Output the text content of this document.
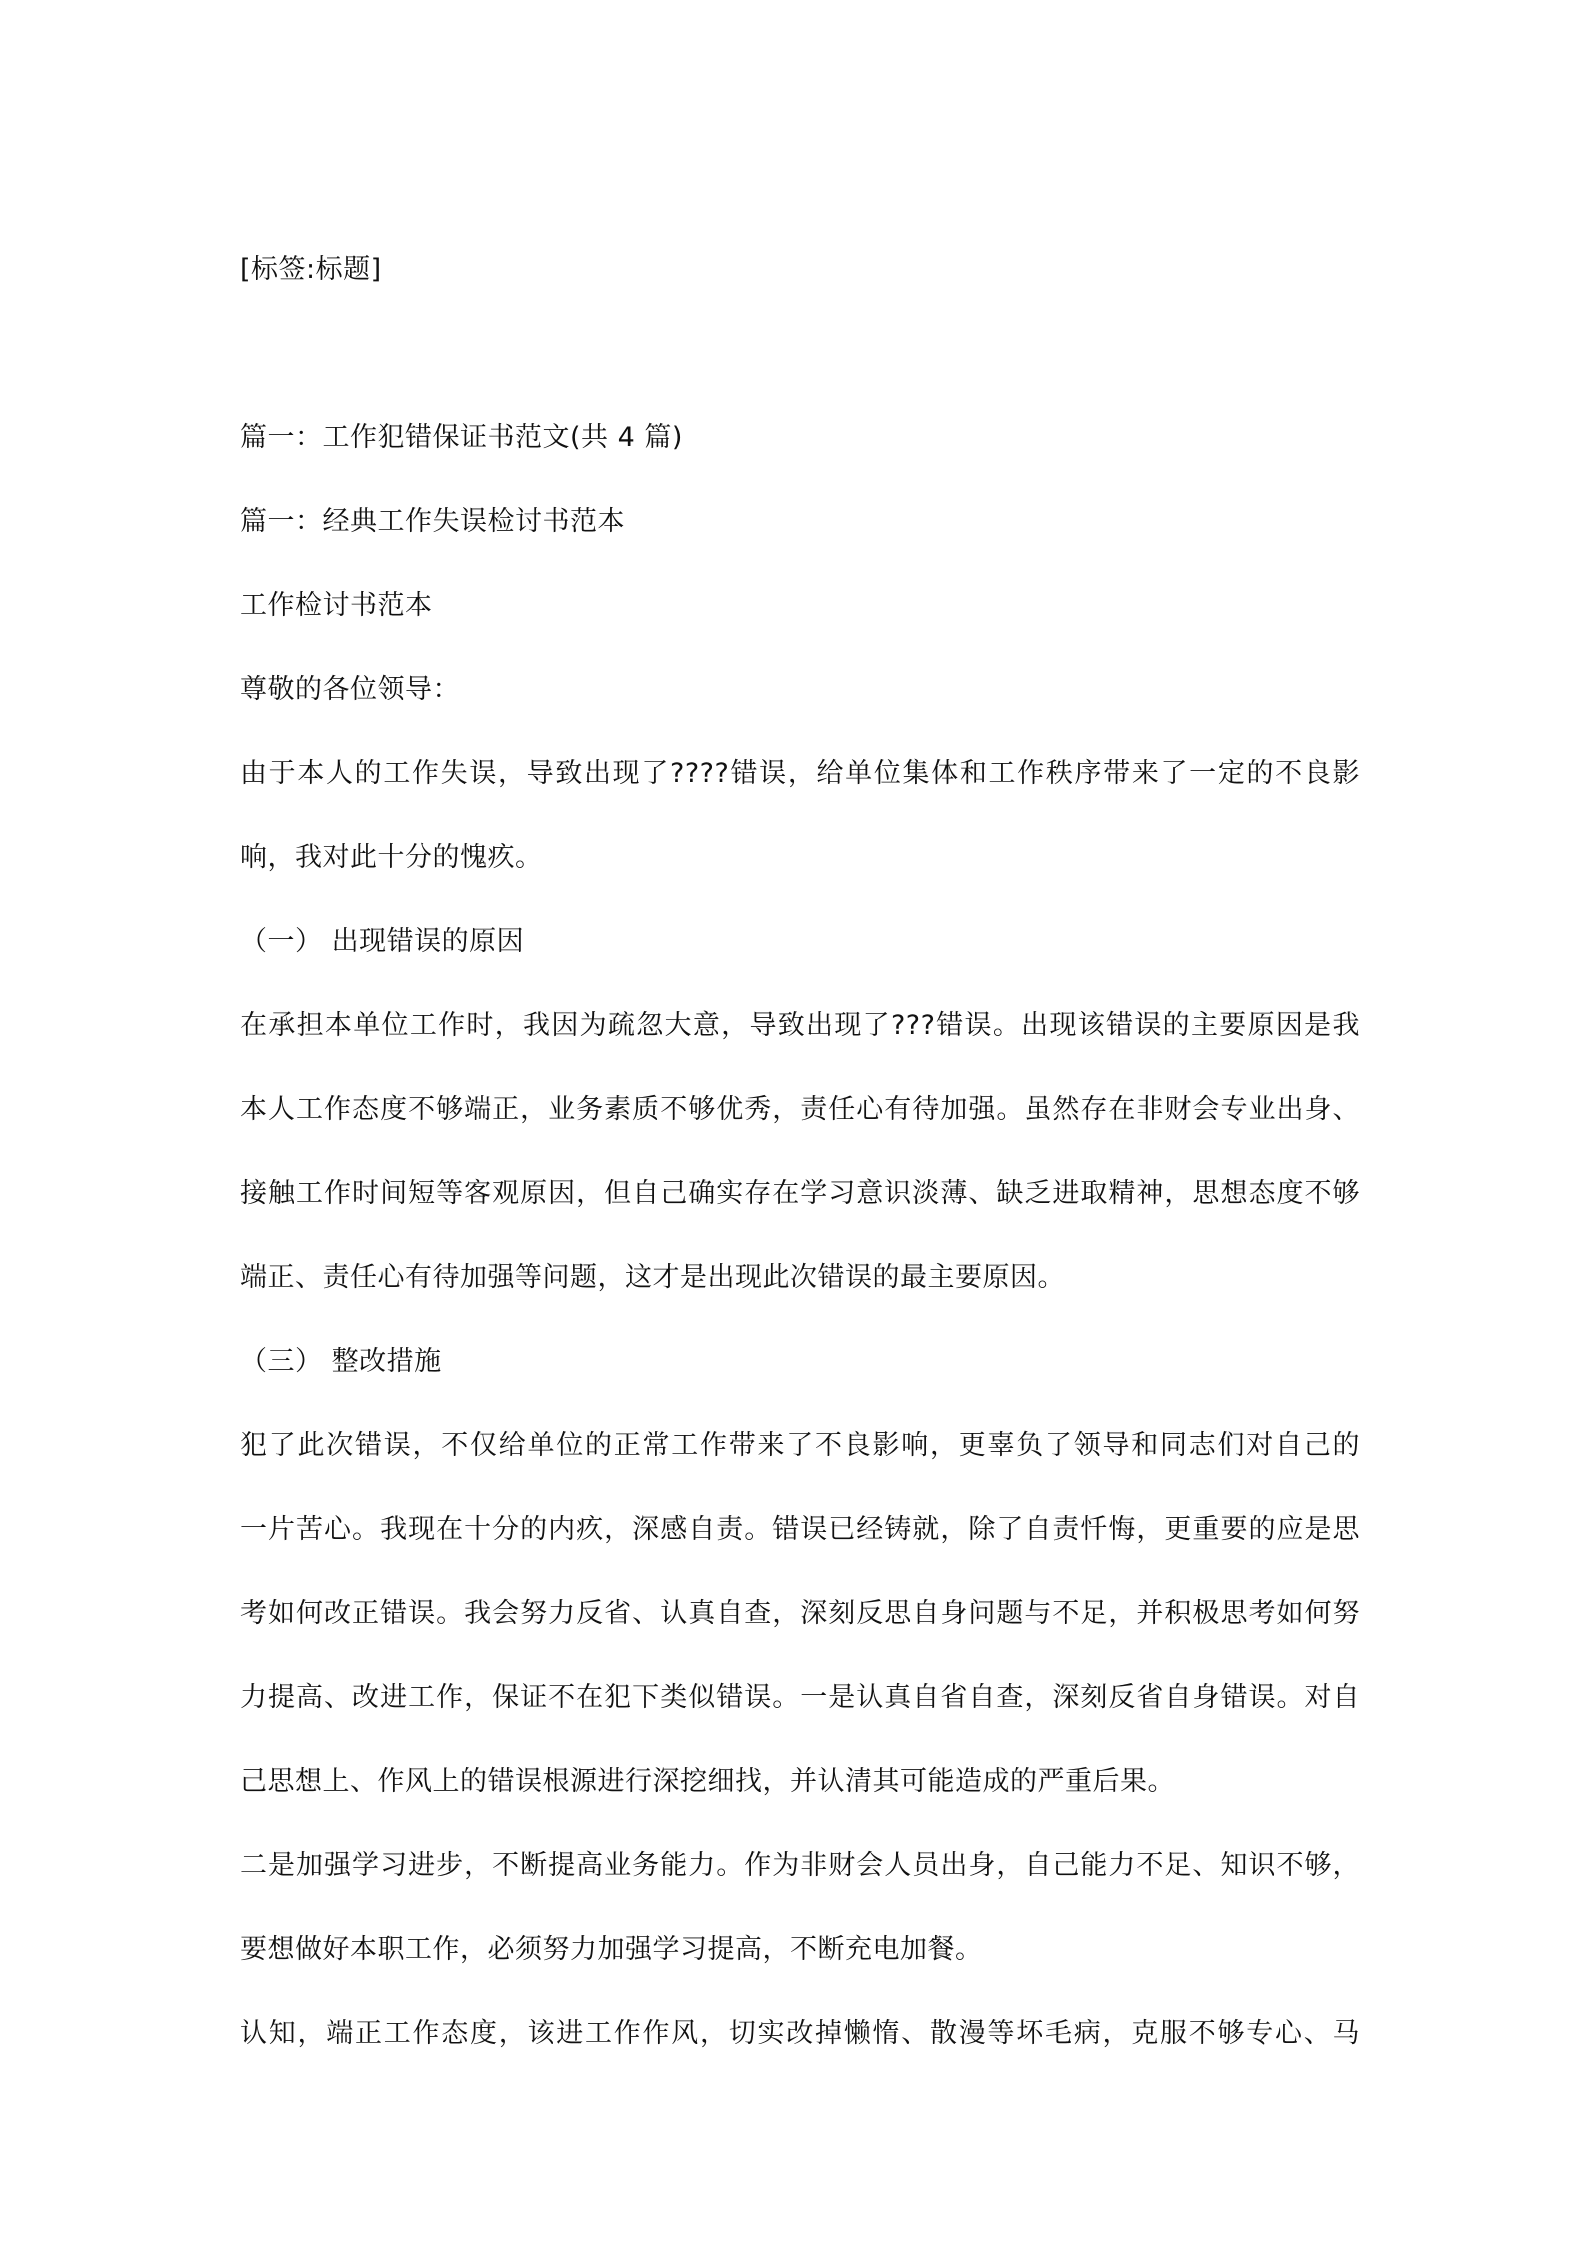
[标签:标题]
篇一：工作犯错保证书范文(共 4 篇)
篇一：经典工作失误检讨书范本
工作检讨书范本
尊敬的各位领导：
由于本人的工作失误，导致出现了????错误，给单位集体和工作秩序带来了一定的不良影
响，我对此十分的愧疚。
（一） 出现错误的原因
在承担本单位工作时，我因为疏忽大意，导致出现了???错误。出现该错误的主要原因是我
本人工作态度不够端正，业务素质不够优秀，责任心有待加强。虽然存在非财会专业出身、
接触工作时间短等客观原因，但自己确实存在学习意识淡薄、缺乏进取精神，思想态度不够
端正、责任心有待加强等问题，这才是出现此次错误的最主要原因。
（三） 整改措施
犯了此次错误，不仅给单位的正常工作带来了不良影响，更辜负了领导和同志们对自己的
一片苦心。我现在十分的内疚，深感自责。错误已经铸就，除了自责忏悔，更重要的应是思
考如何改正错误。我会努力反省、认真自查，深刻反思自身问题与不足，并积极思考如何努
力提高、改进工作，保证不在犯下类似错误。一是认真自省自查，深刻反省自身错误。对自
己思想上、作风上的错误根源进行深挖细找，并认清其可能造成的严重后果。
二是加强学习进步，不断提高业务能力。作为非财会人员出身，自己能力不足、知识不够，
要想做好本职工作，必须努力加强学习提高，不断充电加餐。
认知，端正工作态度，该进工作作风，切实改掉懒惰、散漫等坏毛病，克服不够专心、马
